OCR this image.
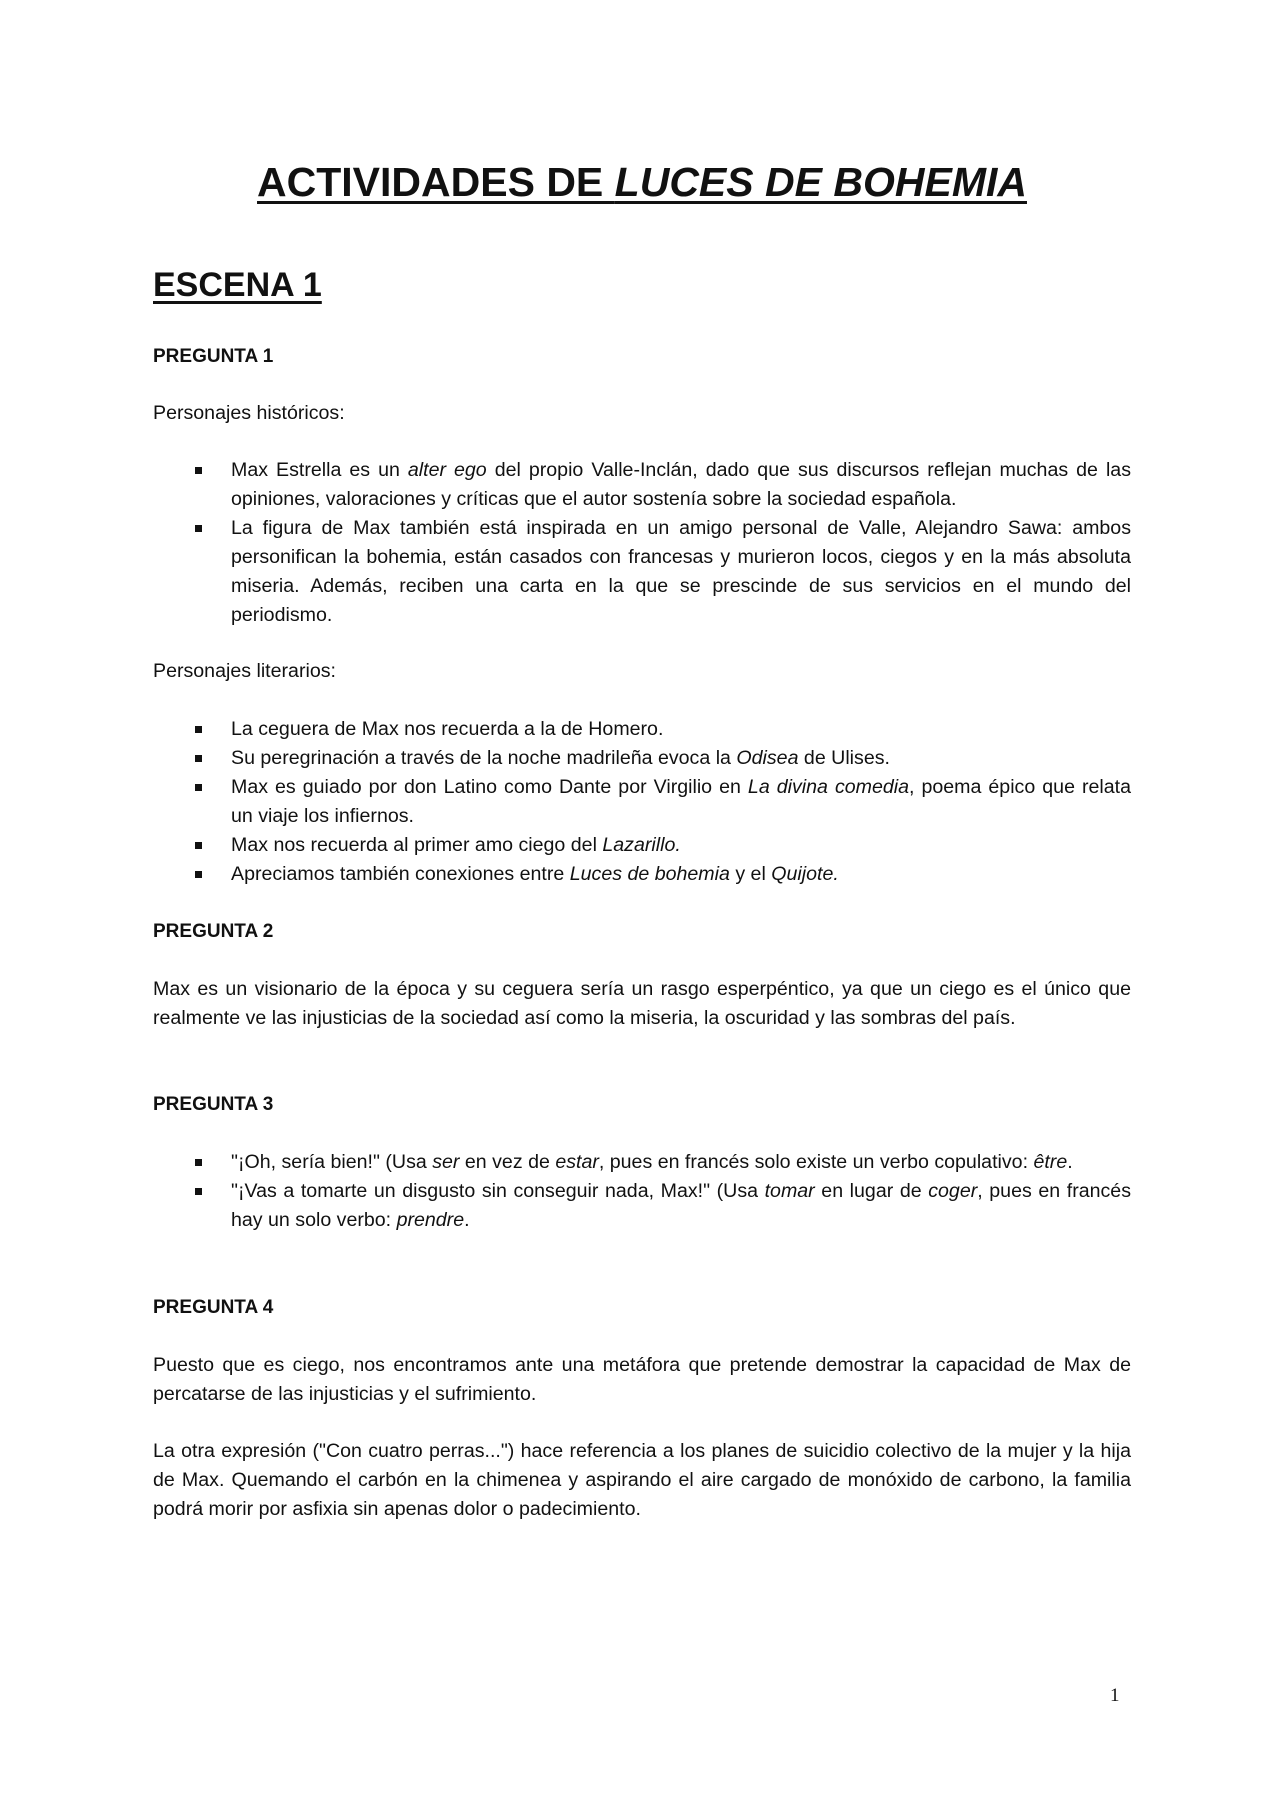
ACTIVIDADES DE LUCES DE BOHEMIA
ESCENA 1
PREGUNTA 1
Personajes históricos:
Max Estrella es un alter ego del propio Valle-Inclán, dado que sus discursos reflejan muchas de las opiniones, valoraciones y críticas que el autor sostenía sobre la sociedad española.
La figura de Max también está inspirada en un amigo personal de Valle, Alejandro Sawa: ambos personifican la bohemia, están casados con francesas y murieron locos, ciegos y en la más absoluta miseria. Además, reciben una carta en la que se prescinde de sus servicios en el mundo del periodismo.
Personajes literarios:
La ceguera de Max nos recuerda a la de Homero.
Su peregrinación a través de la noche madrileña evoca la Odisea de Ulises.
Max es guiado por don Latino como Dante por Virgilio en La divina comedia, poema épico que relata un viaje los infiernos.
Max nos recuerda al primer amo ciego del Lazarillo.
Apreciamos también conexiones entre Luces de bohemia y el Quijote.
PREGUNTA 2
Max es un visionario de la época y su ceguera sería un rasgo esperpéntico, ya que un ciego es el único que realmente ve las injusticias de la sociedad así como la miseria, la oscuridad y las sombras del país.
PREGUNTA 3
"¡Oh, sería bien!" (Usa ser en vez de estar, pues en francés solo existe un verbo copulativo: être.
"¡Vas a tomarte un disgusto sin conseguir nada, Max!" (Usa tomar en lugar de coger, pues en francés hay un solo verbo: prendre.
PREGUNTA 4
Puesto que es ciego, nos encontramos ante una metáfora que pretende demostrar la capacidad de Max de percatarse de las injusticias y el sufrimiento.
La otra expresión ("Con cuatro perras...") hace referencia a los planes de suicidio colectivo de la mujer y la hija de Max. Quemando el carbón en la chimenea y aspirando el aire cargado de monóxido de carbono, la familia podrá morir por asfixia sin apenas dolor o padecimiento.
1
